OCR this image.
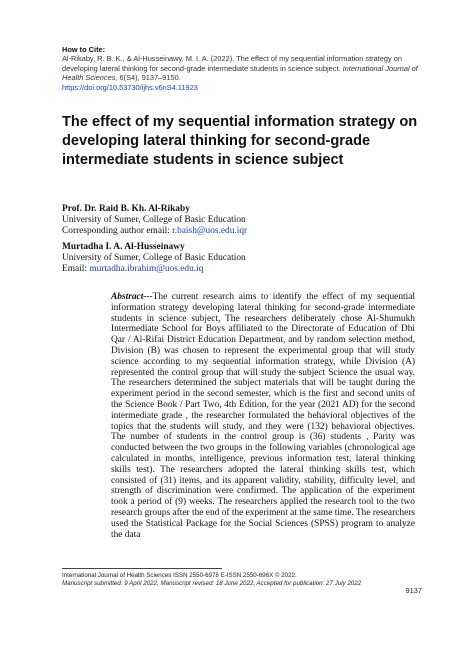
How to Cite:
Al-Rikaby, R. B. K., & Al-Husseinawy, M. I. A. (2022). The effect of my sequential information strategy on developing lateral thinking for second-grade intermediate students in science subject. International Journal of Health Sciences, 6(S4), 9137–9150.
https://doi.org/10.53730/ijhs.v6nS4.11923
The effect of my sequential information strategy on developing lateral thinking for second-grade intermediate students in science subject
Prof. Dr. Raid B. Kh. Al-Rikaby
University of Sumer, College of Basic Education
Corresponding author email: r.baish@uos.edu.iqr
Murtadha I. A. Al-Husseinawy
University of Sumer, College of Basic Education
Email: murtadha.ibrahim@uos.edu.iq

Abstract---The current research aims to identify the effect of my sequential information strategy developing lateral thinking for second-grade intermediate students in science subject, The researchers deliberately chose Al-Shumukh Intermediate School for Boys affiliated to the Directorate of Education of Dhi Qar / Al-Rifai District Education Department, and by random selection method, Division (B) was chosen to represent the experimental group that will study science according to my sequential information strategy, while Division (A) represented the control group that will study the subject Science the usual way. The researchers determined the subject materials that will be taught during the experiment period in the second semester, which is the first and second units of the Science Book / Part Two, 4th Edition, for the year (2021 AD) for the second intermediate grade , the researcher formulated the behavioral objectives of the topics that the students will study, and they were (132) behavioral objectives. The number of students in the control group is (36) students , Parity was conducted between the two groups in the following variables (chronological age calculated in months, intelligence, previous information test, lateral thinking skills test). The researchers adopted the lateral thinking skills test, which consisted of (31) items, and its apparent validity, stability, difficulty level, and strength of discrimination were confirmed. The application of the experiment took a period of (9) weeks. The researchers applied the research tool to the two research groups after the end of the experiment at the same time. The researchers used the Statistical Package for the Social Sciences (SPSS) program to analyze the data

International Journal of Health Sciences ISSN 2550-6978 E-ISSN 2550-696X © 2022.
Manuscript submitted: 9 April 2022, Manuscript revised: 18 June 2022, Accepted for publication: 27 July 2022
9137
